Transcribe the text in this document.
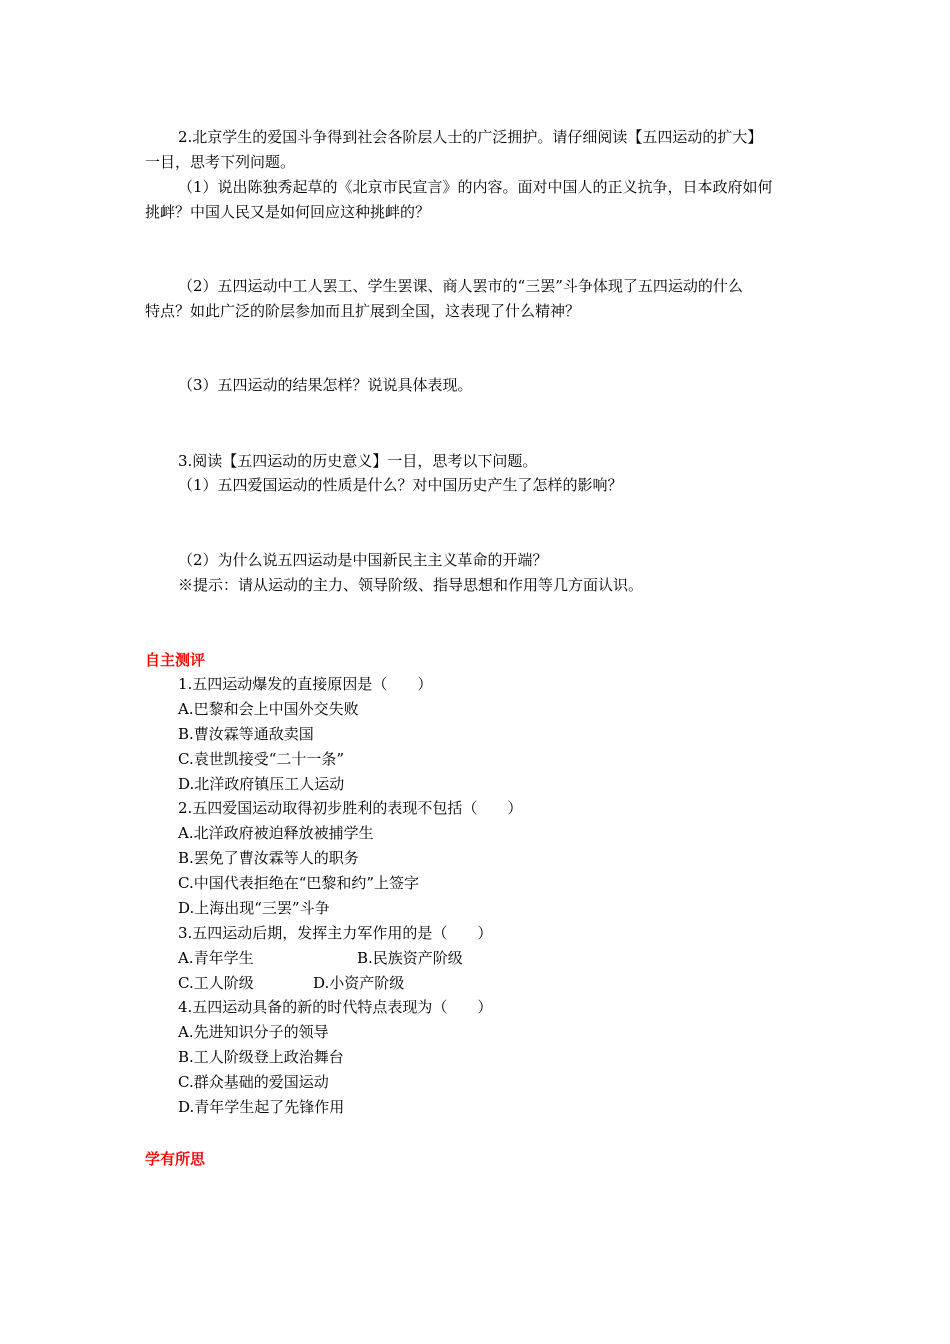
2.北京学生的爱国斗争得到社会各阶层人士的广泛拥护。请仔细阅读【五四运动的扩大】
一目，思考下列问题。
（1）说出陈独秀起草的《北京市民宣言》的内容。面对中国人的正义抗争，日本政府如何
挑衅？中国人民又是如何回应这种挑衅的？
（2）五四运动中工人罢工、学生罢课、商人罢市的“三罢”斗争体现了五四运动的什么
特点？如此广泛的阶层参加而且扩展到全国，这表现了什么精神？
（3）五四运动的结果怎样？说说具体表现。
3.阅读【五四运动的历史意义】一目，思考以下问题。
（1）五四爱国运动的性质是什么？对中国历史产生了怎样的影响？
（2）为什么说五四运动是中国新民主主义革命的开端？
※提示：请从运动的主力、领导阶级、指导思想和作用等几方面认识。
自主测评
1.五四运动爆发的直接原因是（　　）
A.巴黎和会上中国外交失败
B.曹汝霖等通敌卖国
C.袁世凯接受“二十一条”
D.北洋政府镇压工人运动
2.五四爱国运动取得初步胜利的表现不包括（　　）
A.北洋政府被迫释放被捕学生
B.罢免了曹汝霖等人的职务
C.中国代表拒绝在“巴黎和约”上签字
D.上海出现“三罢”斗争
3.五四运动后期，发挥主力军作用的是（　　）
A.青年学生	B.民族资产阶级
C.工人阶级	D.小资产阶级
4.五四运动具备的新的时代特点表现为（　　）
A.先进知识分子的领导
B.工人阶级登上政治舞台
C.群众基础的爱国运动
D.青年学生起了先锋作用
学有所思
